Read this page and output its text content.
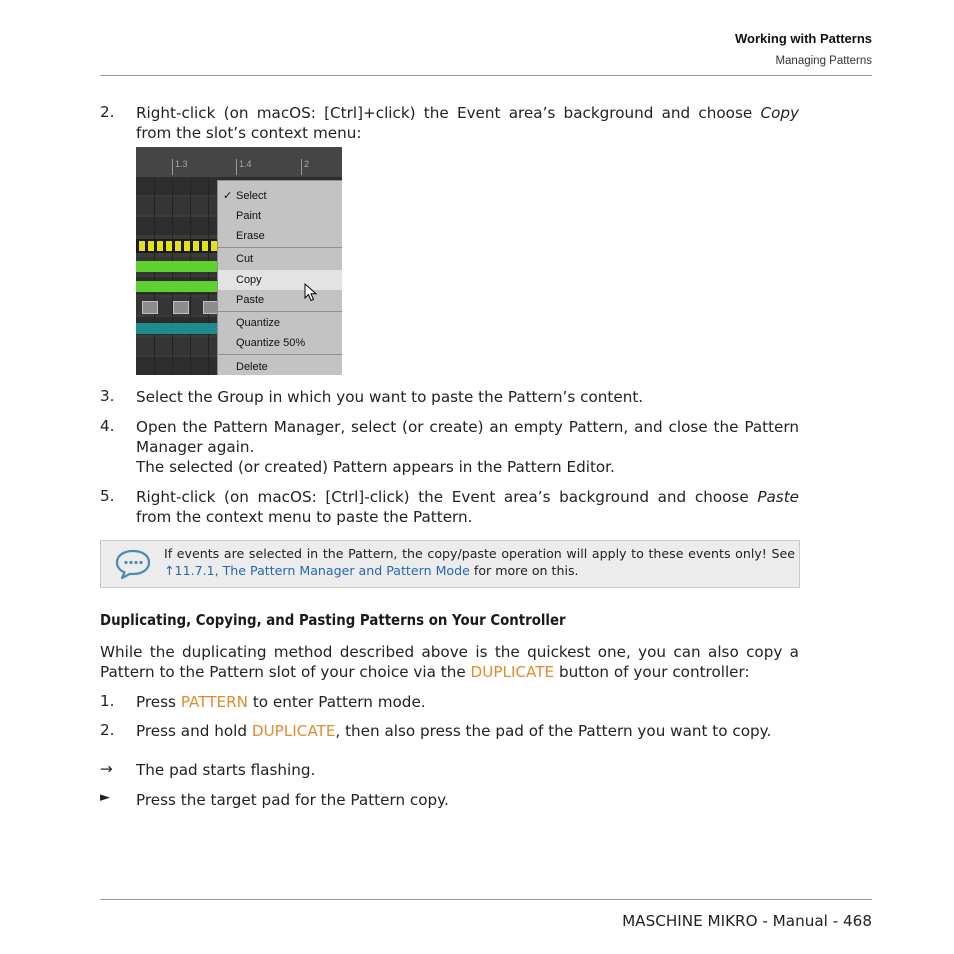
Working with Patterns
Managing Patterns
2.	Right-click (on macOS: [Ctrl]+click) the Event area’s background and choose Copy from the slot’s context menu:
1.3	1.4	2
✓ Select
Paint
Erase
Cut
Copy
Paste
Quantize
Quantize 50%
Delete
3.	Select the Group in which you want to paste the Pattern’s content.
4.	Open the Pattern Manager, select (or create) an empty Pattern, and close the Pattern Manager again.
The selected (or created) Pattern appears in the Pattern Editor.
5.	Right-click (on macOS: [Ctrl]-click) the Event area’s background and choose Paste from the context menu to paste the Pattern.
If events are selected in the Pattern, the copy/paste operation will apply to these events only! See ↑11.7.1, The Pattern Manager and Pattern Mode for more on this.
Duplicating, Copying, and Pasting Patterns on Your Controller
While the duplicating method described above is the quickest one, you can also copy a Pattern to the Pattern slot of your choice via the DUPLICATE button of your controller:
1.	Press PATTERN to enter Pattern mode.
2.	Press and hold DUPLICATE, then also press the pad of the Pattern you want to copy.
→	The pad starts flashing.
►	Press the target pad for the Pattern copy.
MASCHINE MIKRO - Manual - 468
